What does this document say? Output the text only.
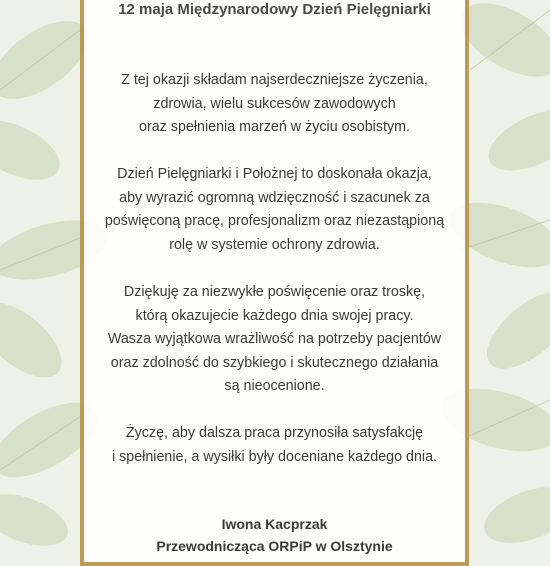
12 maja Międzynarodowy Dzień Pielęgniarki

Z tej okazji składam najserdeczniejsze życzenia,
zdrowia, wielu sukcesów zawodowych
oraz spełnienia marzeń w życiu osobistym.

Dzień Pielęgniarki i Położnej to doskonała okazja,
aby wyrazić ogromną wdzięczność i szacunek za
poświęconą pracę, profesjonalizm oraz niezastąpioną
rolę w systemie ochrony zdrowia.

Dziękuję za niezwykłe poświęcenie oraz troskę,
którą okazujecie każdego dnia swojej pracy.
Wasza wyjątkowa wrażliwość na potrzeby pacjentów
oraz zdolność do szybkiego i skutecznego działania
są nieocenione.

Życzę, aby dalsza praca przynosiła satysfakcję
i spełnienie, a wysiłki były doceniane każdego dnia.

Iwona Kacprzak
Przewodnicząca ORPiP w Olsztynie
